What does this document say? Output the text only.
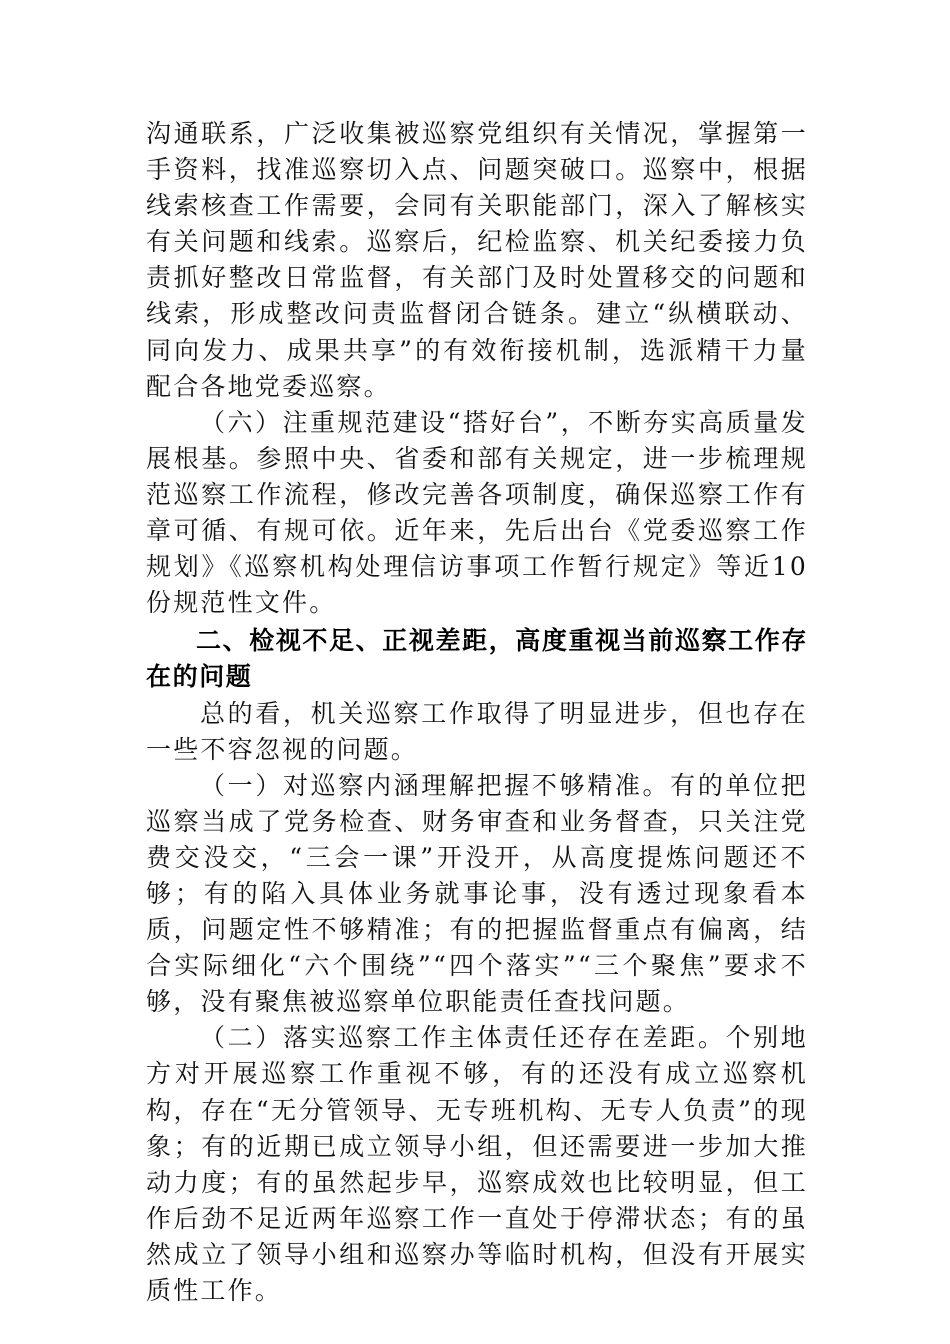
沟通联系，广泛收集被巡察党组织有关情况，掌握第一手资料，找准巡察切入点、问题突破口。巡察中，根据线索核查工作需要，会同有关职能部门，深入了解核实有关问题和线索。巡察后，纪检监察、机关纪委接力负责抓好整改日常监督，有关部门及时处置移交的问题和线索，形成整改问责监督闭合链条。建立“纵横联动、同向发力、成果共享”的有效衔接机制，选派精干力量配合各地党委巡察。

（六）注重规范建设“搭好台”，不断夯实高质量发展根基。参照中央、省委和部有关规定，进一步梳理规范巡察工作流程，修改完善各项制度，确保巡察工作有章可循、有规可依。近年来，先后出台《党委巡察工作规划》《巡察机构处理信访事项工作暂行规定》等近10份规范性文件。

二、检视不足、正视差距，高度重视当前巡察工作存在的问题

总的看，机关巡察工作取得了明显进步，但也存在一些不容忽视的问题。

（一）对巡察内涵理解把握不够精准。有的单位把巡察当成了党务检查、财务审查和业务督查，只关注党费交没交，“三会一课”开没开，从高度提炼问题还不够；有的陷入具体业务就事论事，没有透过现象看本质，问题定性不够精准；有的把握监督重点有偏离，结合实际细化“六个围绕”“四个落实”“三个聚焦”要求不够，没有聚焦被巡察单位职能责任查找问题。

（二）落实巡察工作主体责任还存在差距。个别地方对开展巡察工作重视不够，有的还没有成立巡察机构，存在“无分管领导、无专班机构、无专人负责”的现象；有的近期已成立领导小组，但还需要进一步加大推动力度；有的虽然起步早，巡察成效也比较明显，但工作后劲不足近两年巡察工作一直处于停滞状态；有的虽然成立了领导小组和巡察办等临时机构，但没有开展实质性工作。
